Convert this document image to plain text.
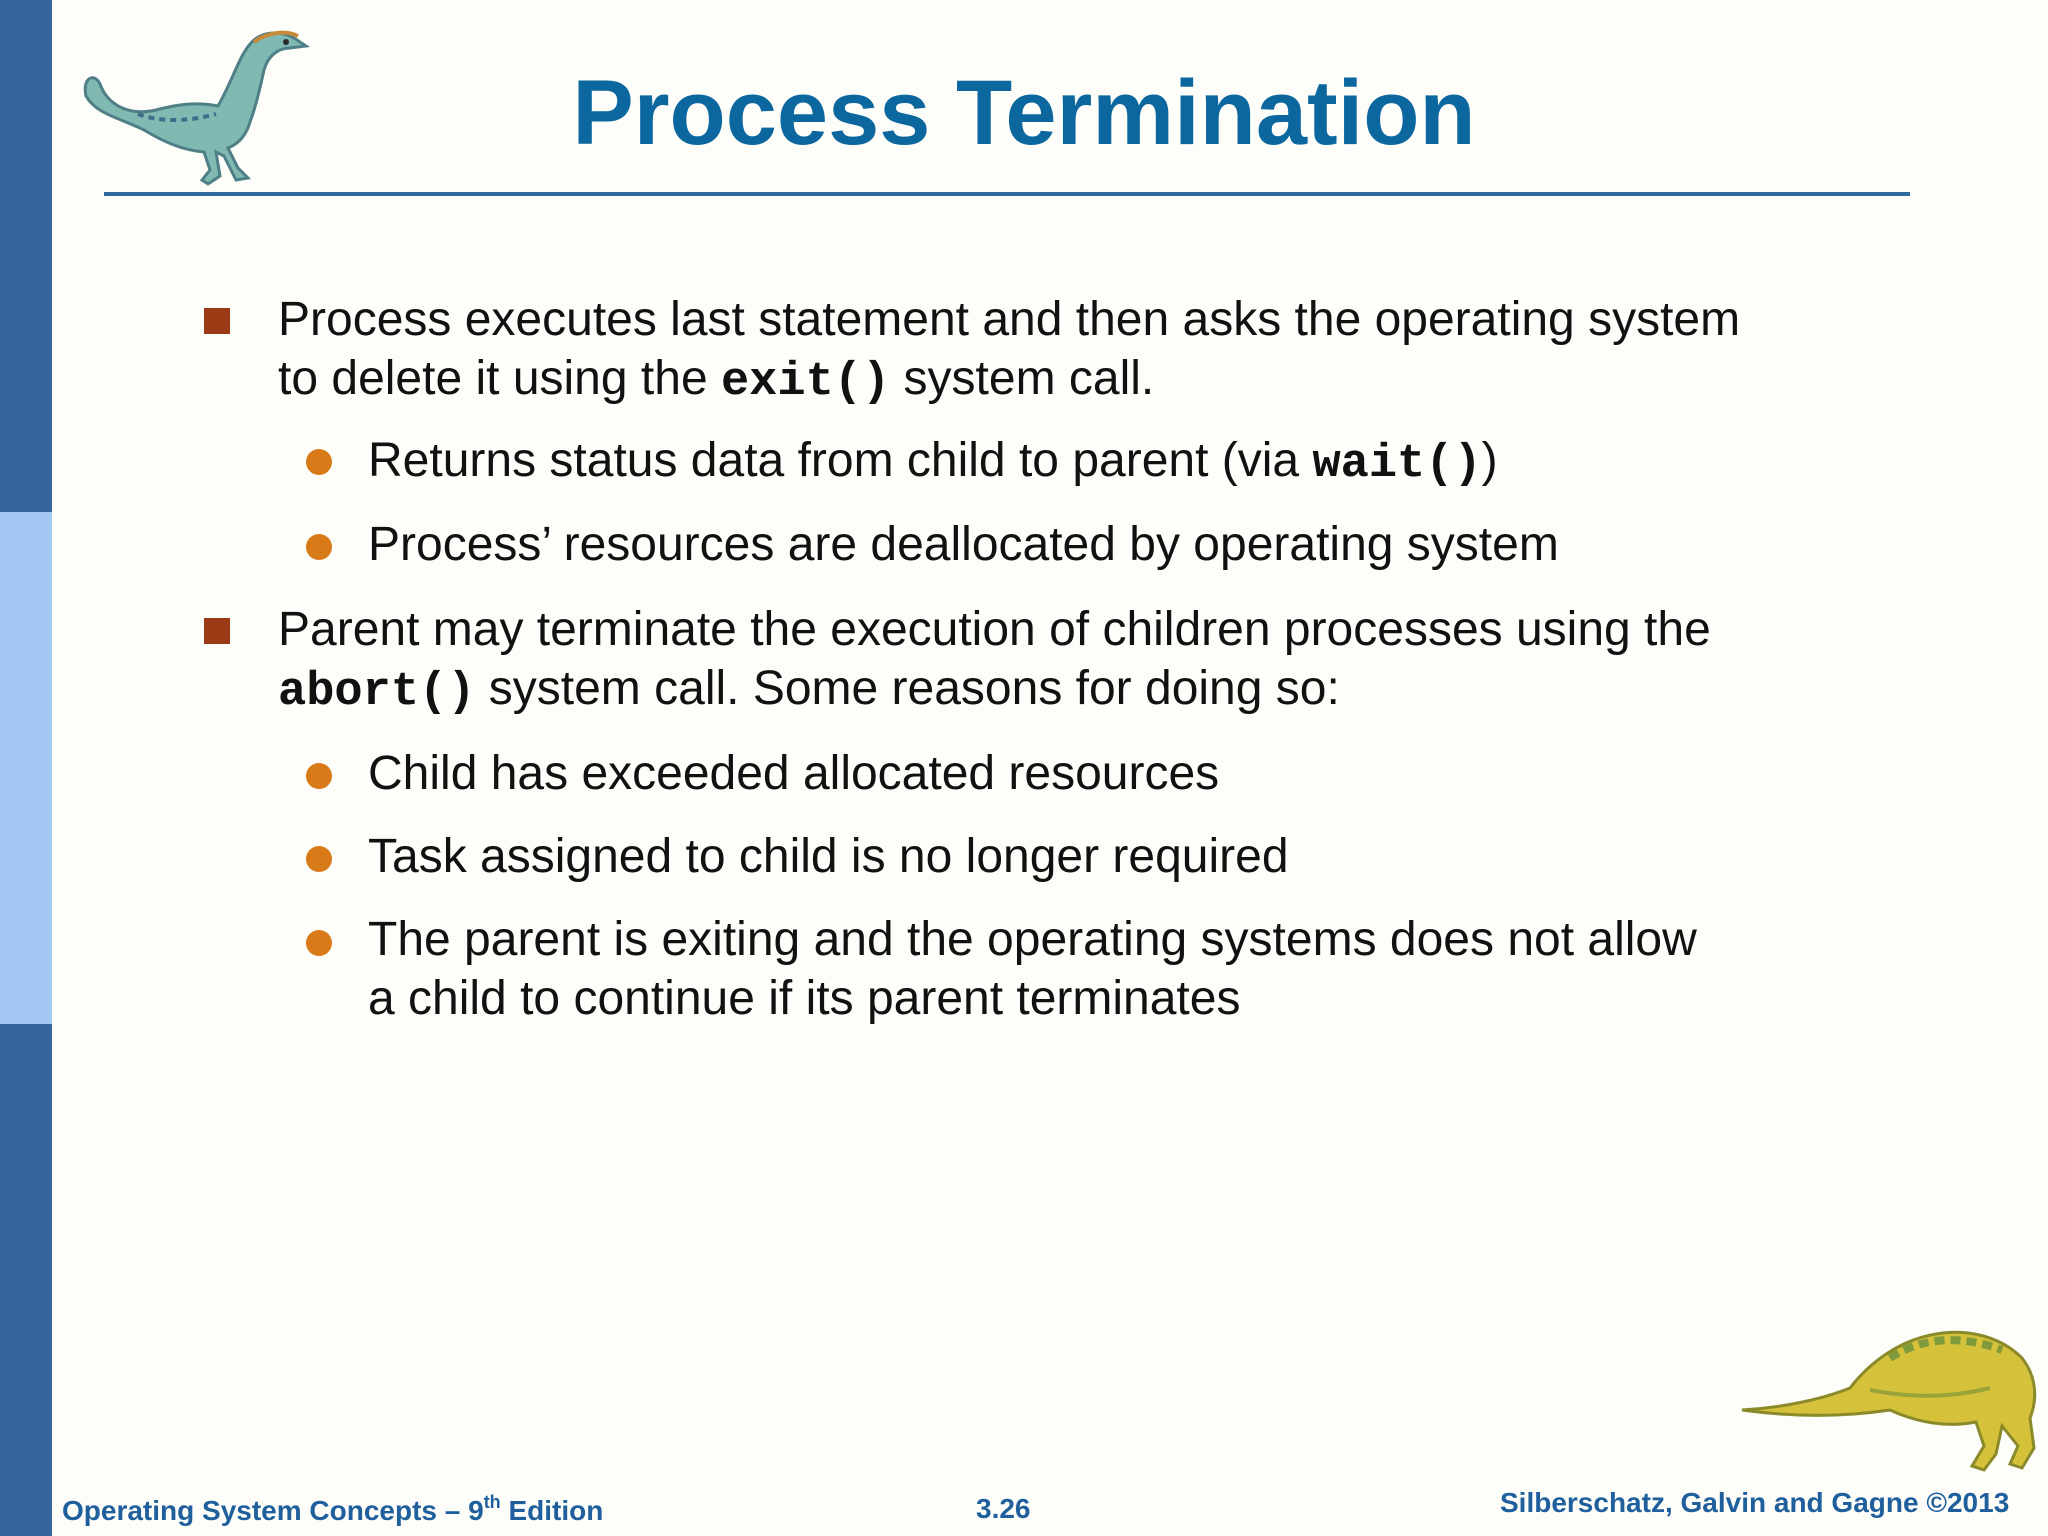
Process Termination
Process executes last statement and then asks the operating system to delete it using the exit() system call.
Returns status data from child to parent (via wait())
Process’ resources are deallocated by operating system
Parent may terminate the execution of children processes using the abort() system call. Some reasons for doing so:
Child has exceeded allocated resources
Task assigned to child is no longer required
The parent is exiting and the operating systems does not allow a child to continue if its parent terminates
Operating System Concepts – 9th Edition	3.26	Silberschatz, Galvin and Gagne ©2013
